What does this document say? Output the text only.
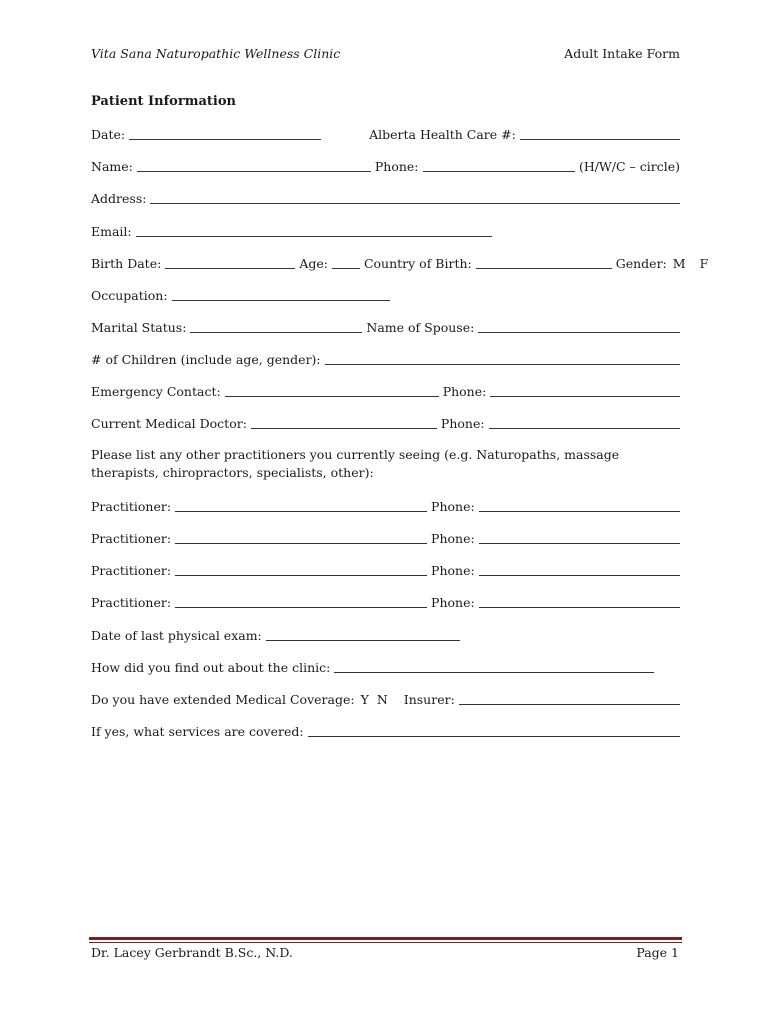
Vita Sana Naturopathic Wellness Clinic	Adult Intake Form
Patient Information
Date:	Alberta Health Care #:
Name:	Phone:	(H/W/C – circle)
Address:
Email:
Birth Date:	Age:	Country of Birth:	Gender: M F
Occupation:
Marital Status:	Name of Spouse:
# of Children (include age, gender):
Emergency Contact:	Phone:
Current Medical Doctor:	Phone:
Please list any other practitioners you currently seeing (e.g. Naturopaths, massage therapists, chiropractors, specialists, other):
Practitioner:	Phone:
Practitioner:	Phone:
Practitioner:	Phone:
Practitioner:	Phone:
Date of last physical exam:
How did you find out about the clinic:
Do you have extended Medical Coverage: Y N Insurer:
If yes, what services are covered:
Dr. Lacey Gerbrandt B.Sc., N.D.	Page 1
